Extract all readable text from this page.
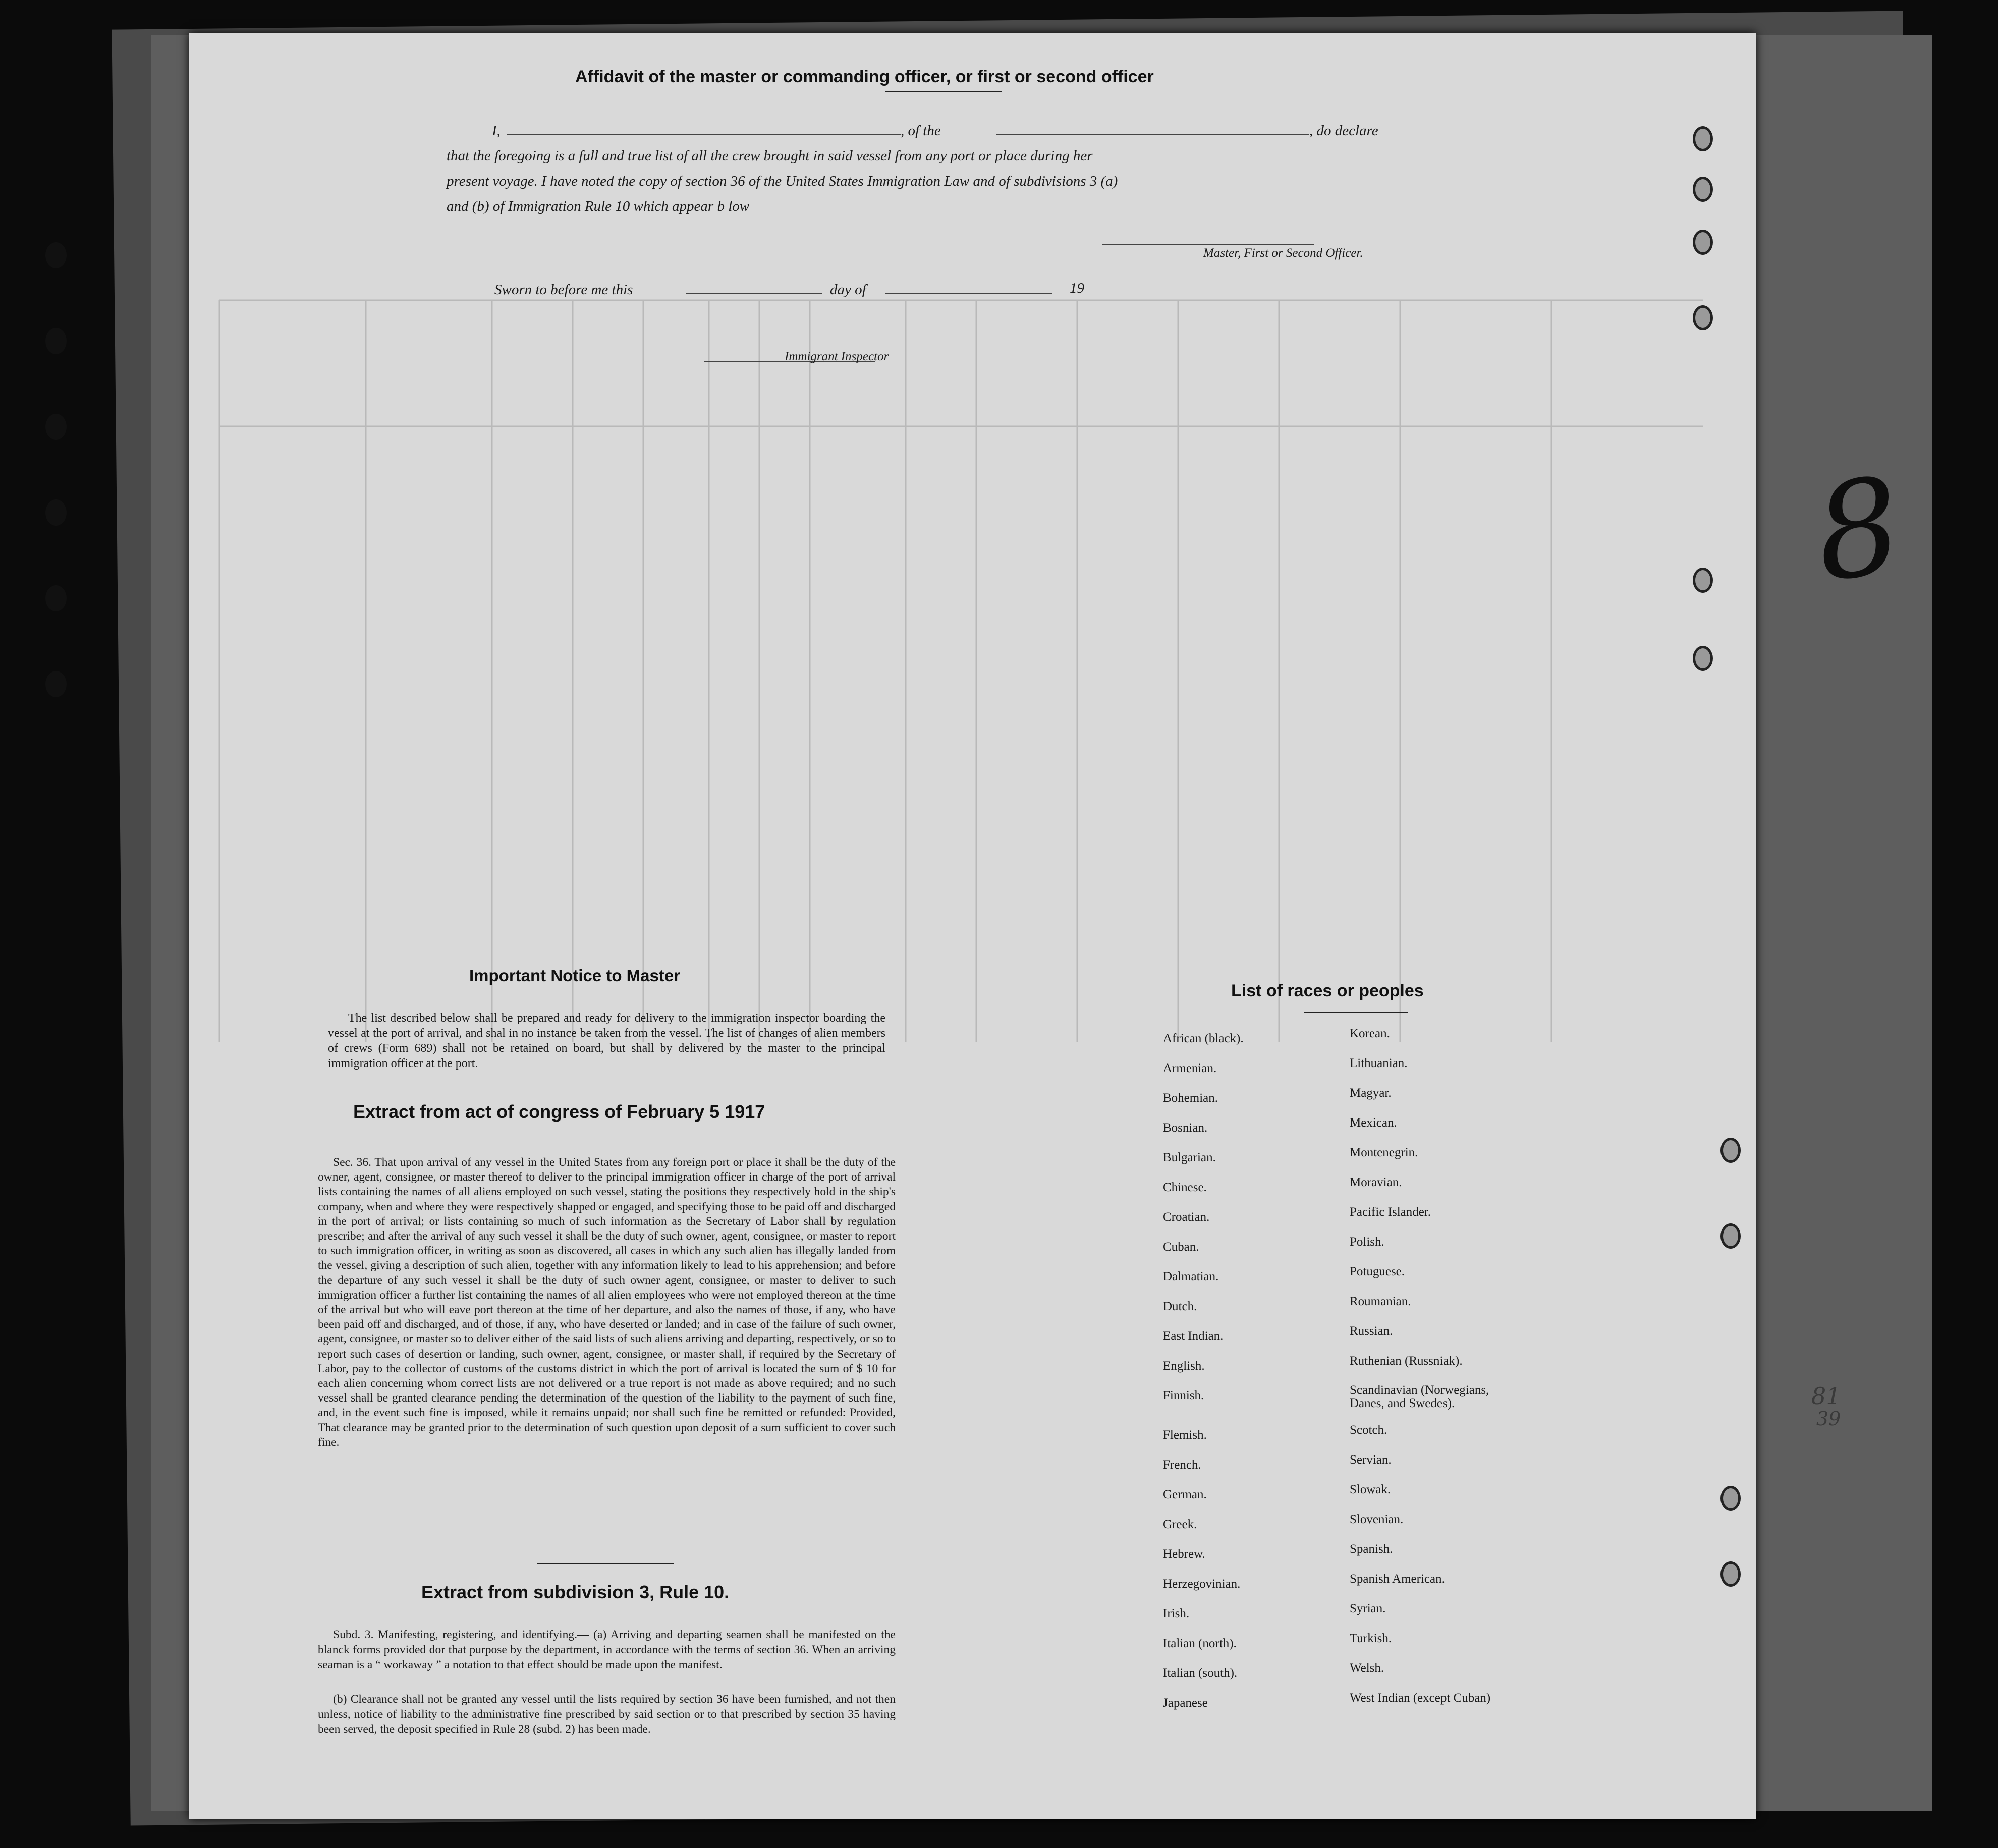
Affidavit of the master or commanding officer, or first or second officer
I,	, of the	, do declare
that the foregoing is a full and true list of all the crew brought in said vessel from any port or place during her
present voyage. I have noted the copy of section 36 of the United States Immigration Law and of subdivisions 3 (a)
and (b) of Immigration Rule 10 which appear b low
Master, First or Second Officer.
Sworn to before me this	day of	19
Immigrant Inspector
Important Notice to Master
The list described below shall be prepared and ready for delivery to the immigration inspector boarding the vessel at the port of arrival, and shal in no instance be taken from the vessel. The list of changes of alien members of crews (Form 689) shall not be retained on board, but shall by delivered by the master to the principal immigration officer at the port.
Extract from act of congress of February 5 1917
Sec. 36. That upon arrival of any vessel in the United States from any foreign port or place it shall be the duty of the owner, agent, consignee, or master thereof to deliver to the principal immigration officer in charge of the port of arrival lists containing the names of all aliens employed on such vessel, stating the positions they respectively hold in the ship's company, when and where they were respectively shapped or engaged, and specifying those to be paid off and discharged in the port of arrival; or lists containing so much of such information as the Secretary of Labor shall by regulation prescribe; and after the arrival of any such vessel it shall be the duty of such owner, agent, consignee, or master to report to such immigration officer, in writing as soon as discovered, all cases in which any such alien has illegally landed from the vessel, giving a description of such alien, together with any information likely to lead to his apprehension; and before the departure of any such vessel it shall be the duty of such owner agent, consignee, or master to deliver to such immigration officer a further list containing the names of all alien employees who were not employed thereon at the time of the arrival but who will eave port thereon at the time of her departure, and also the names of those, if any, who have been paid off and discharged, and of those, if any, who have deserted or landed; and in case of the failure of such owner, agent, consignee, or master so to deliver either of the said lists of such aliens arriving and departing, respectively, or so to report such cases of desertion or landing, such owner, agent, consignee, or master shall, if required by the Secretary of Labor, pay to the collector of customs of the customs district in which the port of arrival is located the sum of $ 10 for each alien concerning whom correct lists are not delivered or a true report is not made as above required; and no such vessel shall be granted clearance pending the determination of the question of the liability to the payment of such fine, and, in the event such fine is imposed, while it remains unpaid; nor shall such fine be remitted or refunded: Provided, That clearance may be granted prior to the determination of such question upon deposit of a sum sufficient to cover such fine.
Extract from subdivision 3, Rule 10.
Subd. 3. Manifesting, registering, and identifying.— (a) Arriving and departing seamen shall be manifested on the blanck forms provided dor that purpose by the department, in accordance with the terms of section 36. When an arriving seaman is a “ workaway ” a notation to that effect should be made upon the manifest.
(b) Clearance shall not be granted any vessel until the lists required by section 36 have been furnished, and not then unless, notice of liability to the administrative fine prescribed by said section or to that prescribed by section 35 having been served, the deposit specified in Rule 28 (subd. 2) has been made.
List of races or peoples
African (black).
Armenian.
Bohemian.
Bosnian.
Bulgarian.
Chinese.
Croatian.
Cuban.
Dalmatian.
Dutch.
East Indian.
English.
Finnish.
Flemish.
French.
German.
Greek.
Hebrew.
Herzegovinian.
Irish.
Italian (north).
Italian (south).
Japanese
Korean.
Lithuanian.
Magyar.
Mexican.
Montenegrin.
Moravian.
Pacific Islander.
Polish.
Potuguese.
Roumanian.
Russian.
Ruthenian (Russniak).
Scandinavian (Norwegians, Danes, and Swedes).
Scotch.
Servian.
Slowak.
Slovenian.
Spanish.
Spanish American.
Syrian.
Turkish.
Welsh.
West Indian (except Cuban)
8
81
39
